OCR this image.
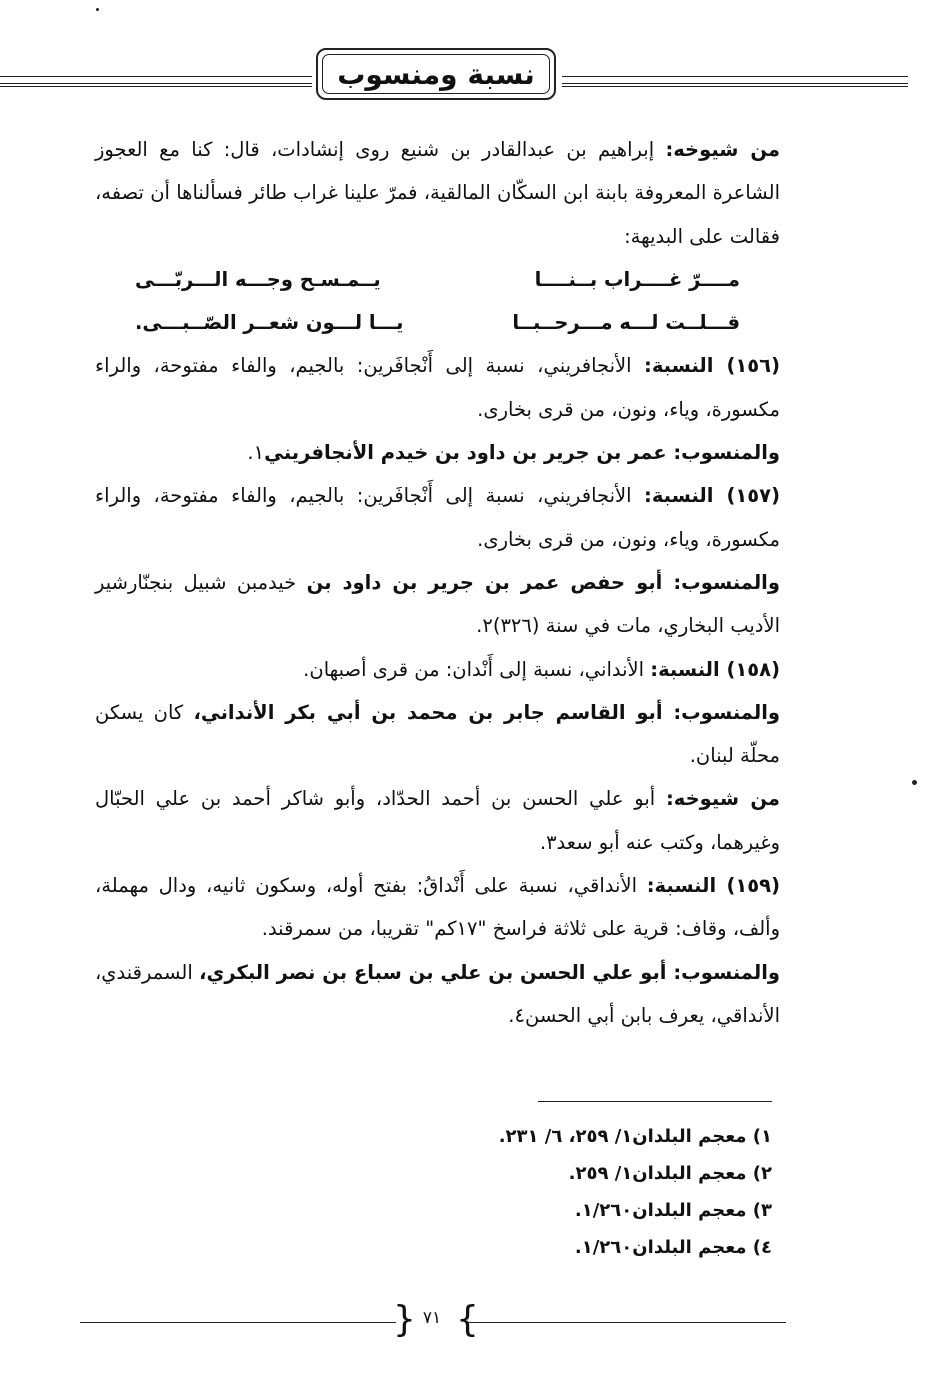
نسبة ومنسوب

من شيوخه: إبراهيم بن عبدالقادر بن شنيع روى إنشادات، قال: كنا مع العجوز الشاعرة المعروفة بابنة ابن السكّان المالقية، فمرّ علينا غراب طائر فسألناها أن تصفه، فقالت على البديهة:

مــــرّ غــــراب بــنــــا
يــمـسـح وجـــه الـــربّـــى
قـــلــت لـــه مـــرحــبــا
يـــا لـــون شعــر الصّــبـــى.

(١٥٦) النسبة: الأنجافريني، نسبة إلى أَنْجافَرين: بالجيم، والفاء مفتوحة، والراء مكسورة، وياء، ونون، من قرى بخارى.

والمنسوب: عمر بن جرير بن داود بن خيدم الأنجافريني١.

(١٥٧) النسبة: الأنجافريني، نسبة إلى أَنْجافَرين: بالجيم، والفاء مفتوحة، والراء مكسورة، وياء، ونون، من قرى بخارى.

والمنسوب: أبو حفص عمر بن جرير بن داود بن خيدمبن شبيل بنجنّارشير الأديب البخاري، مات في سنة (٣٢٦)٢.

(١٥٨) النسبة: الأنداني، نسبة إلى أَنْدان: من قرى أصبهان.

والمنسوب: أبو القاسم جابر بن محمد بن أبي بكر الأنداني، كان يسكن محلّة لبنان.

من شيوخه: أبو علي الحسن بن أحمد الحدّاد، وأبو شاكر أحمد بن علي الحبّال وغيرهما، وكتب عنه أبو سعد٣.

(١٥٩) النسبة: الأنداقي، نسبة على أَنْداقُ: بفتح أوله، وسكون ثانيه، ودال مهملة، وألف، وقاف: قرية على ثلاثة فراسخ "١٧كم" تقريبا، من سمرقند.

والمنسوب: أبو علي الحسن بن علي بن سباع بن نصر البكري، السمرقندي، الأنداقي، يعرف بابن أبي الحسن٤.

١) معجم البلدان١/ ٢٥٩، ٦/ ٢٣١.
٢) معجم البلدان١/ ٢٥٩.
٣) معجم البلدان١/٢٦٠.
٤) معجم البلدان١/٢٦٠.
{ }
٧١
